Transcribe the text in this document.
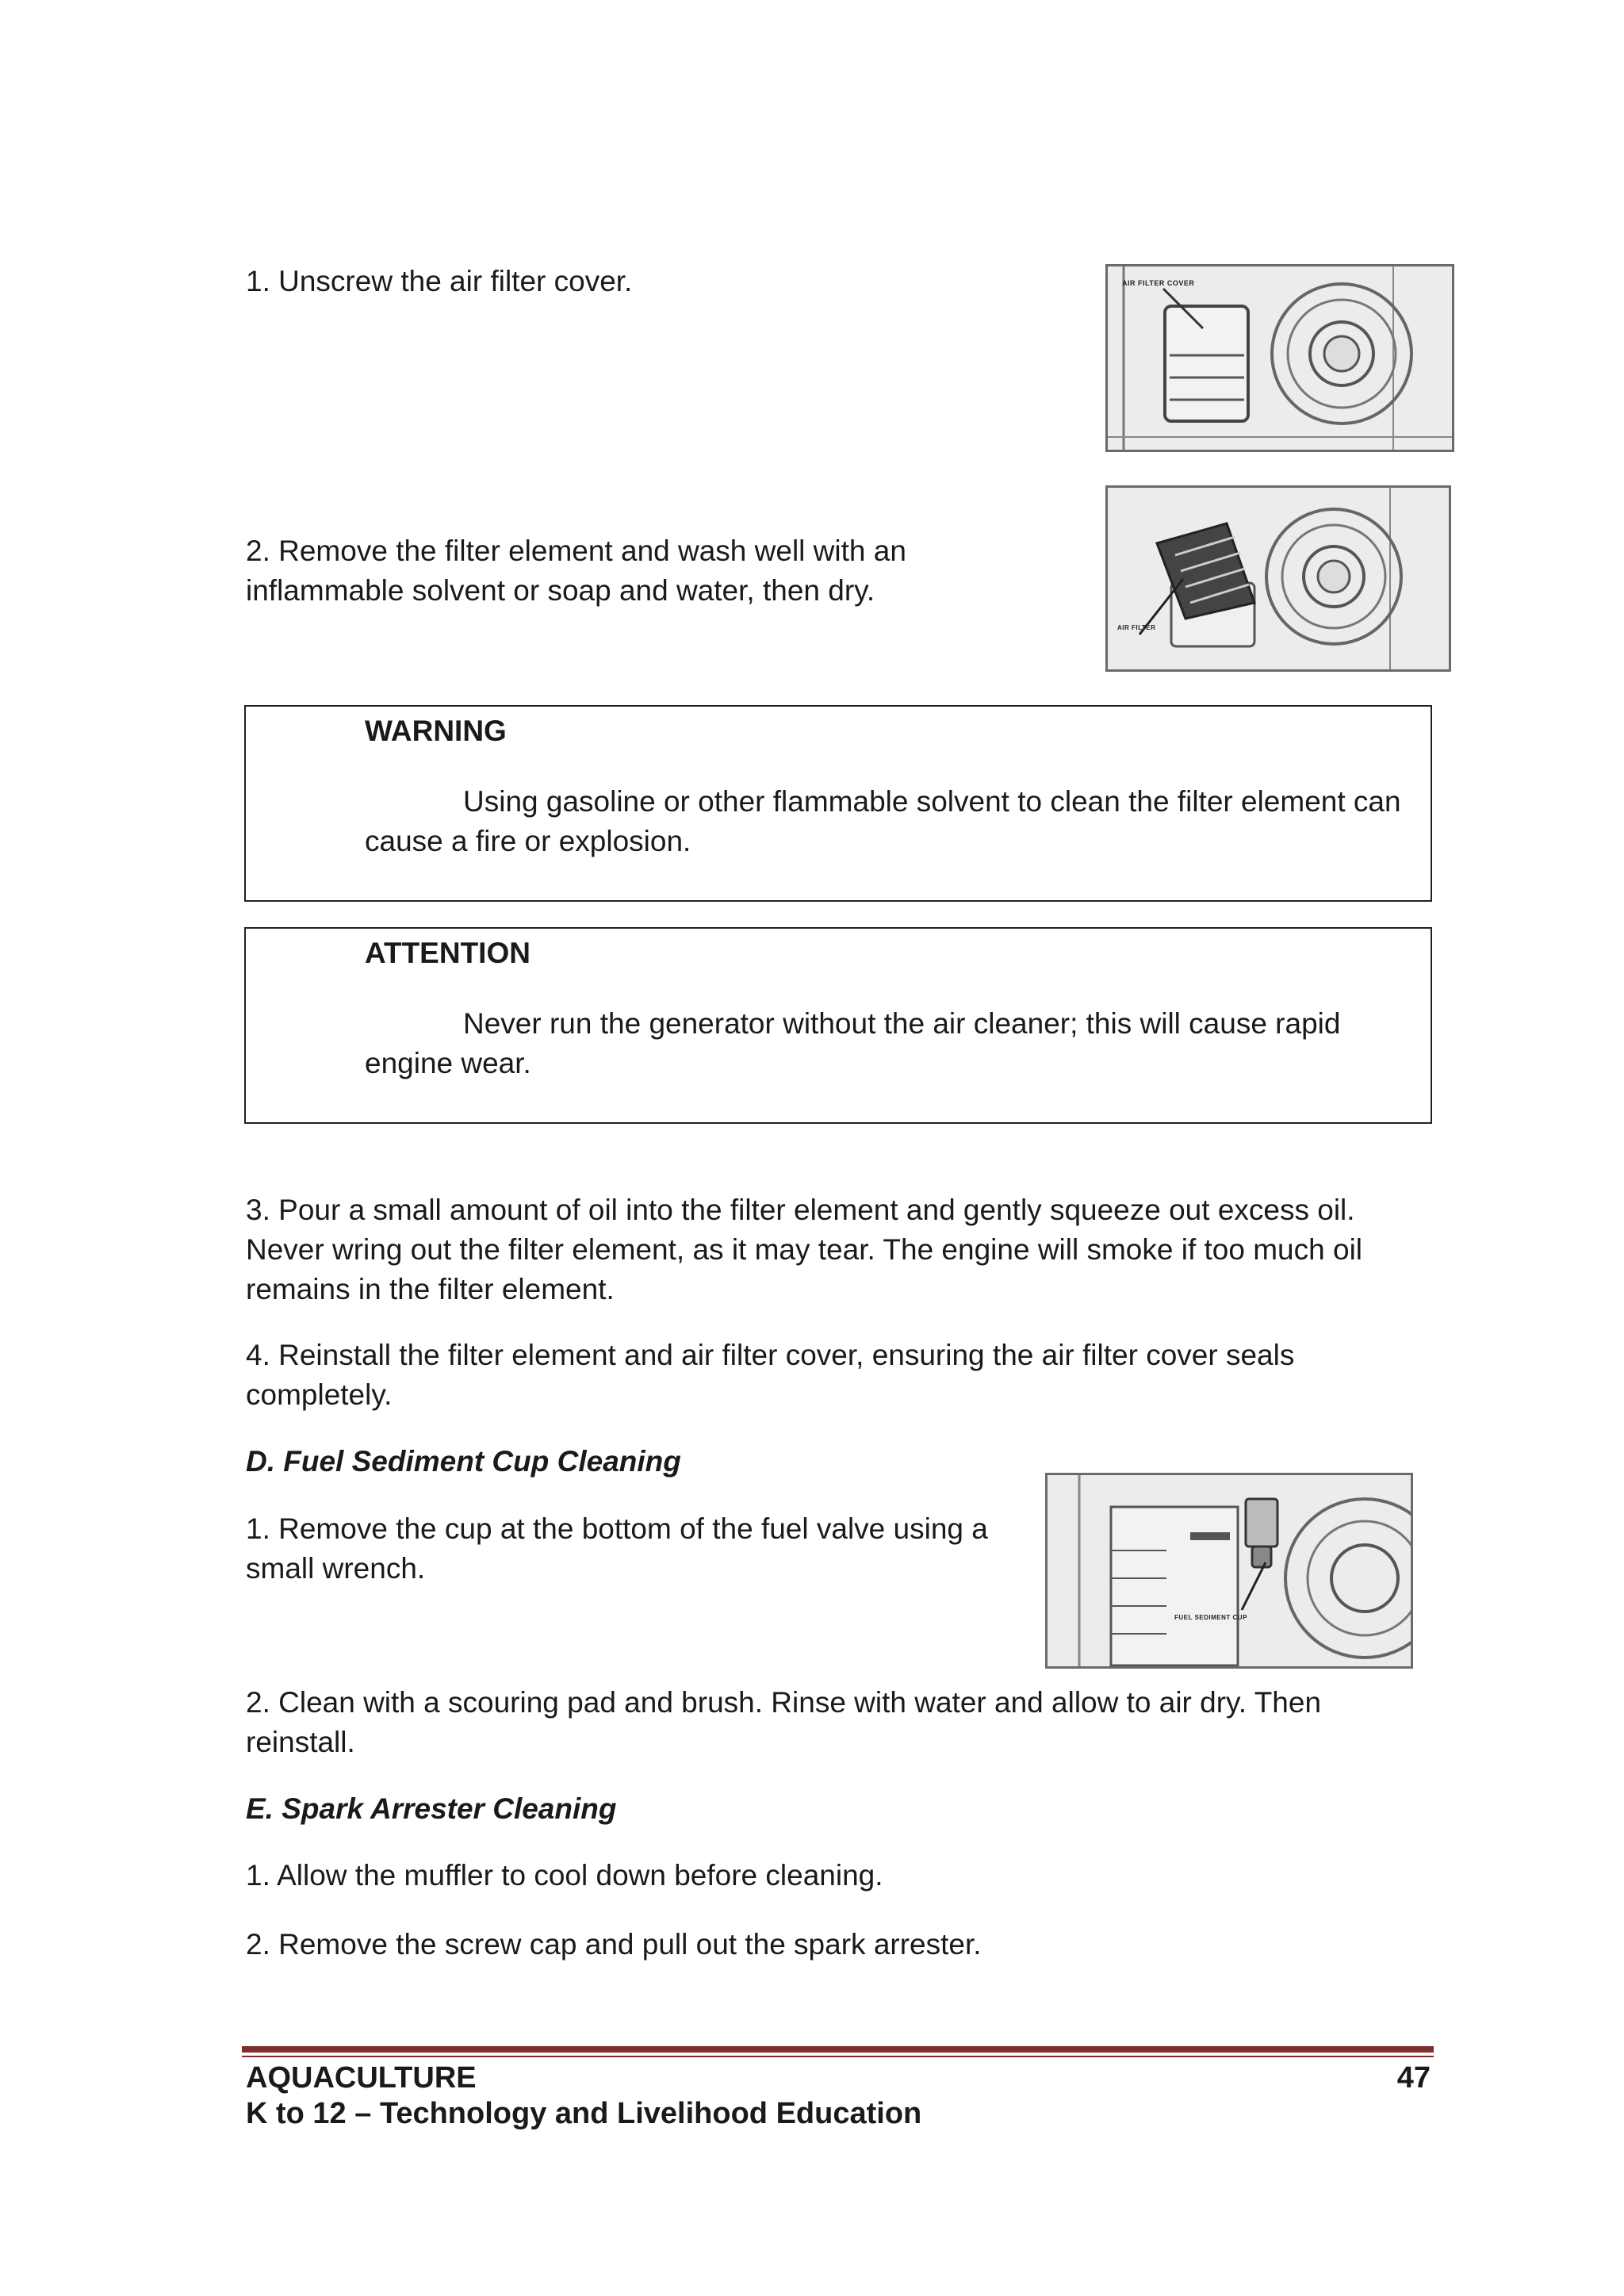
1. Unscrew the air filter cover.	AIR FILTER COVER
2. Remove the filter element and wash well with an inflammable solvent or soap and water, then dry.
AIR FILTER
WARNING
Using gasoline or other flammable solvent to clean the filter element can cause a fire or explosion.
ATTENTION
Never run the generator without the air cleaner; this will cause rapid engine wear.
3. Pour a small amount of oil into the filter element and gently squeeze out excess oil. Never wring out the filter element, as it may tear. The engine will smoke if too much oil remains in the filter element.
4. Reinstall the filter element and air filter cover, ensuring the air filter cover seals completely.
D. Fuel Sediment Cup Cleaning
1. Remove the cup at the bottom of the fuel valve using a small wrench.
FUEL SEDIMENT CUP
2. Clean with a scouring pad and brush. Rinse with water and allow to air dry. Then reinstall.
E. Spark Arrester Cleaning
1. Allow the muffler to cool down before cleaning.
2. Remove the screw cap and pull out the spark arrester.
AQUACULTURE	47
K to 12 – Technology and Livelihood Education
